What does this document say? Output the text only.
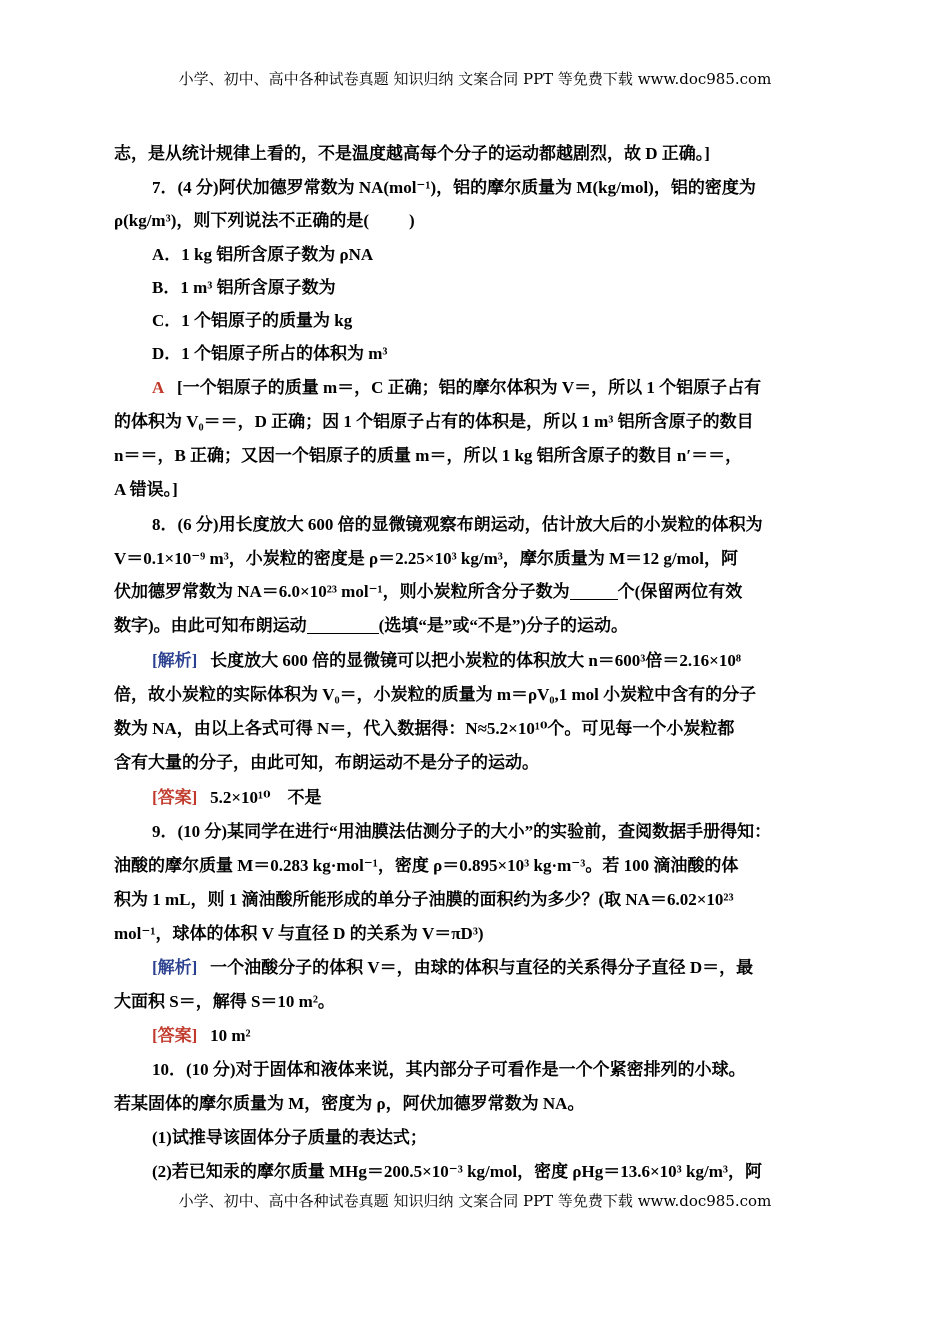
小学、初中、高中各种试卷真题 知识归纳 文案合同 PPT 等免费下载 www.doc985.com
志，是从统计规律上看的，不是温度越高每个分子的运动都越剧烈，故 D 正确。]
7．(4 分)阿伏加德罗常数为 NA(mol⁻¹)，铝的摩尔质量为 M(kg/mol)，铝的密度为
ρ(kg/m³)，则下列说法不正确的是( )
A．1 kg 铝所含原子数为 ρNA
B．1 m³ 铝所含原子数为
C．1 个铝原子的质量为 kg
D．1 个铝原子所占的体积为 m³
A [一个铝原子的质量 m＝，C 正确；铝的摩尔体积为 V＝，所以 1 个铝原子占有
的体积为 V₀＝＝，D 正确；因 1 个铝原子占有的体积是，所以 1 m³ 铝所含原子的数目
n＝＝，B 正确；又因一个铝原子的质量 m＝，所以 1 kg 铝所含原子的数目 n′＝＝，
A 错误。]
8．(6 分)用长度放大 600 倍的显微镜观察布朗运动，估计放大后的小炭粒的体积为
V＝0.1×10⁻⁹ m³，小炭粒的密度是 ρ＝2.25×10³ kg/m³，摩尔质量为 M＝12 g/mol，阿
伏加德罗常数为 NA＝6.0×10²³ mol⁻¹，则小炭粒所含分子数为	个(保留两位有效
数字)。由此可知布朗运动	(选填“是”或“不是”)分子的运动。
[解析] 长度放大 600 倍的显微镜可以把小炭粒的体积放大 n＝600³倍＝2.16×10⁸
倍，故小炭粒的实际体积为 V₀＝，小炭粒的质量为 m＝ρV₀,1 mol 小炭粒中含有的分子
数为 NA，由以上各式可得 N＝，代入数据得：N≈5.2×10¹⁰个。可见每一个小炭粒都
含有大量的分子，由此可知，布朗运动不是分子的运动。
[答案] 5.2×10¹⁰　不是
9．(10 分)某同学在进行“用油膜法估测分子的大小”的实验前，查阅数据手册得知：
油酸的摩尔质量 M＝0.283 kg·mol⁻¹，密度 ρ＝0.895×10³ kg·m⁻³。若 100 滴油酸的体
积为 1 mL，则 1 滴油酸所能形成的单分子油膜的面积约为多少？(取 NA＝6.02×10²³
mol⁻¹，球体的体积 V 与直径 D 的关系为 V＝πD³)
[解析] 一个油酸分子的体积 V＝，由球的体积与直径的关系得分子直径 D＝，最
大面积 S＝，解得 S＝10 m²。
[答案] 10 m²
10．(10 分)对于固体和液体来说，其内部分子可看作是一个个紧密排列的小球。
若某固体的摩尔质量为 M，密度为 ρ，阿伏加德罗常数为 NA。
(1)试推导该固体分子质量的表达式；
(2)若已知汞的摩尔质量 MHg＝200.5×10⁻³ kg/mol，密度 ρHg＝13.6×10³ kg/m³，阿
小学、初中、高中各种试卷真题 知识归纳 文案合同 PPT 等免费下载 www.doc985.com
